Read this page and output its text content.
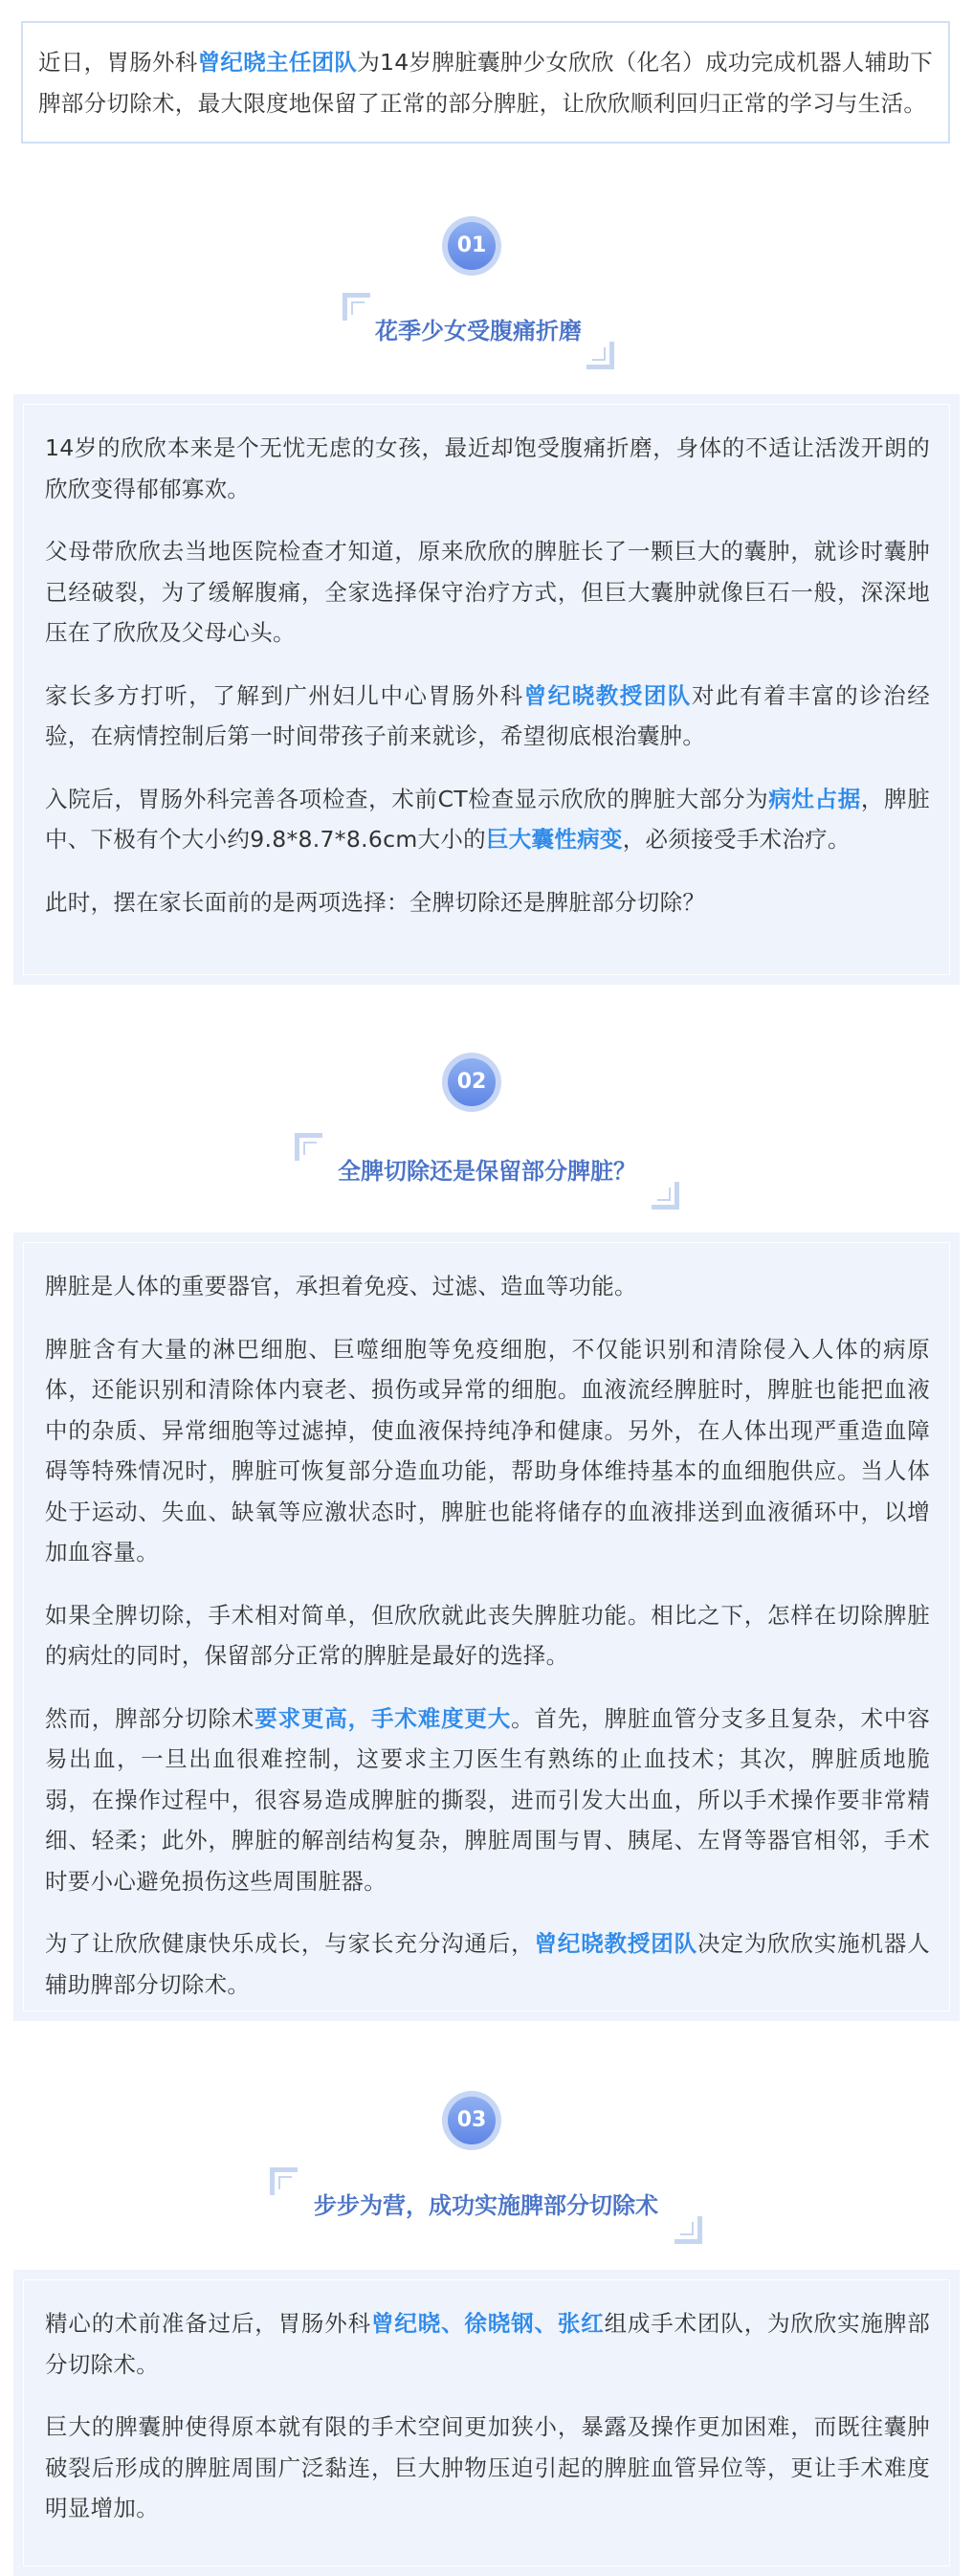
近日，胃肠外科曾纪晓主任团队为14岁脾脏囊肿少女欣欣（化名）成功完成机器人辅助下脾部分切除术，最大限度地保留了正常的部分脾脏，让欣欣顺利回归正常的学习与生活。
01
花季少女受腹痛折磨

14岁的欣欣本来是个无忧无虑的女孩，最近却饱受腹痛折磨，身体的不适让活泼开朗的欣欣变得郁郁寡欢。

父母带欣欣去当地医院检查才知道，原来欣欣的脾脏长了一颗巨大的囊肿，就诊时囊肿已经破裂，为了缓解腹痛，全家选择保守治疗方式，但巨大囊肿就像巨石一般，深深地压在了欣欣及父母心头。

家长多方打听，了解到广州妇儿中心胃肠外科曾纪晓教授团队对此有着丰富的诊治经验，在病情控制后第一时间带孩子前来就诊，希望彻底根治囊肿。

入院后，胃肠外科完善各项检查，术前CT检查显示欣欣的脾脏大部分为病灶占据，脾脏中、下极有个大小约9.8*8.7*8.6cm大小的巨大囊性病变，必须接受手术治疗。

此时，摆在家长面前的是两项选择：全脾切除还是脾脏部分切除？

02
全脾切除还是保留部分脾脏？

脾脏是人体的重要器官，承担着免疫、过滤、造血等功能。

脾脏含有大量的淋巴细胞、巨噬细胞等免疫细胞，不仅能识别和清除侵入人体的病原体，还能识别和清除体内衰老、损伤或异常的细胞。血液流经脾脏时，脾脏也能把血液中的杂质、异常细胞等过滤掉，使血液保持纯净和健康。另外，在人体出现严重造血障碍等特殊情况时，脾脏可恢复部分造血功能，帮助身体维持基本的血细胞供应。当人体处于运动、失血、缺氧等应激状态时，脾脏也能将储存的血液排送到血液循环中，以增加血容量。

如果全脾切除，手术相对简单，但欣欣就此丧失脾脏功能。相比之下，怎样在切除脾脏的病灶的同时，保留部分正常的脾脏是最好的选择。

然而，脾部分切除术要求更高，手术难度更大。首先，脾脏血管分支多且复杂，术中容易出血，一旦出血很难控制，这要求主刀医生有熟练的止血技术；其次，脾脏质地脆弱，在操作过程中，很容易造成脾脏的撕裂，进而引发大出血，所以手术操作要非常精细、轻柔；此外，脾脏的解剖结构复杂，脾脏周围与胃、胰尾、左肾等器官相邻，手术时要小心避免损伤这些周围脏器。

为了让欣欣健康快乐成长，与家长充分沟通后，曾纪晓教授团队决定为欣欣实施机器人辅助脾部分切除术。

03
步步为营，成功实施脾部分切除术

精心的术前准备过后，胃肠外科曾纪晓、徐晓钢、张红组成手术团队，为欣欣实施脾部分切除术。

巨大的脾囊肿使得原本就有限的手术空间更加狭小，暴露及操作更加困难，而既往囊肿破裂后形成的脾脏周围广泛黏连，巨大肿物压迫引起的脾脏血管异位等，更让手术难度明显增加。
